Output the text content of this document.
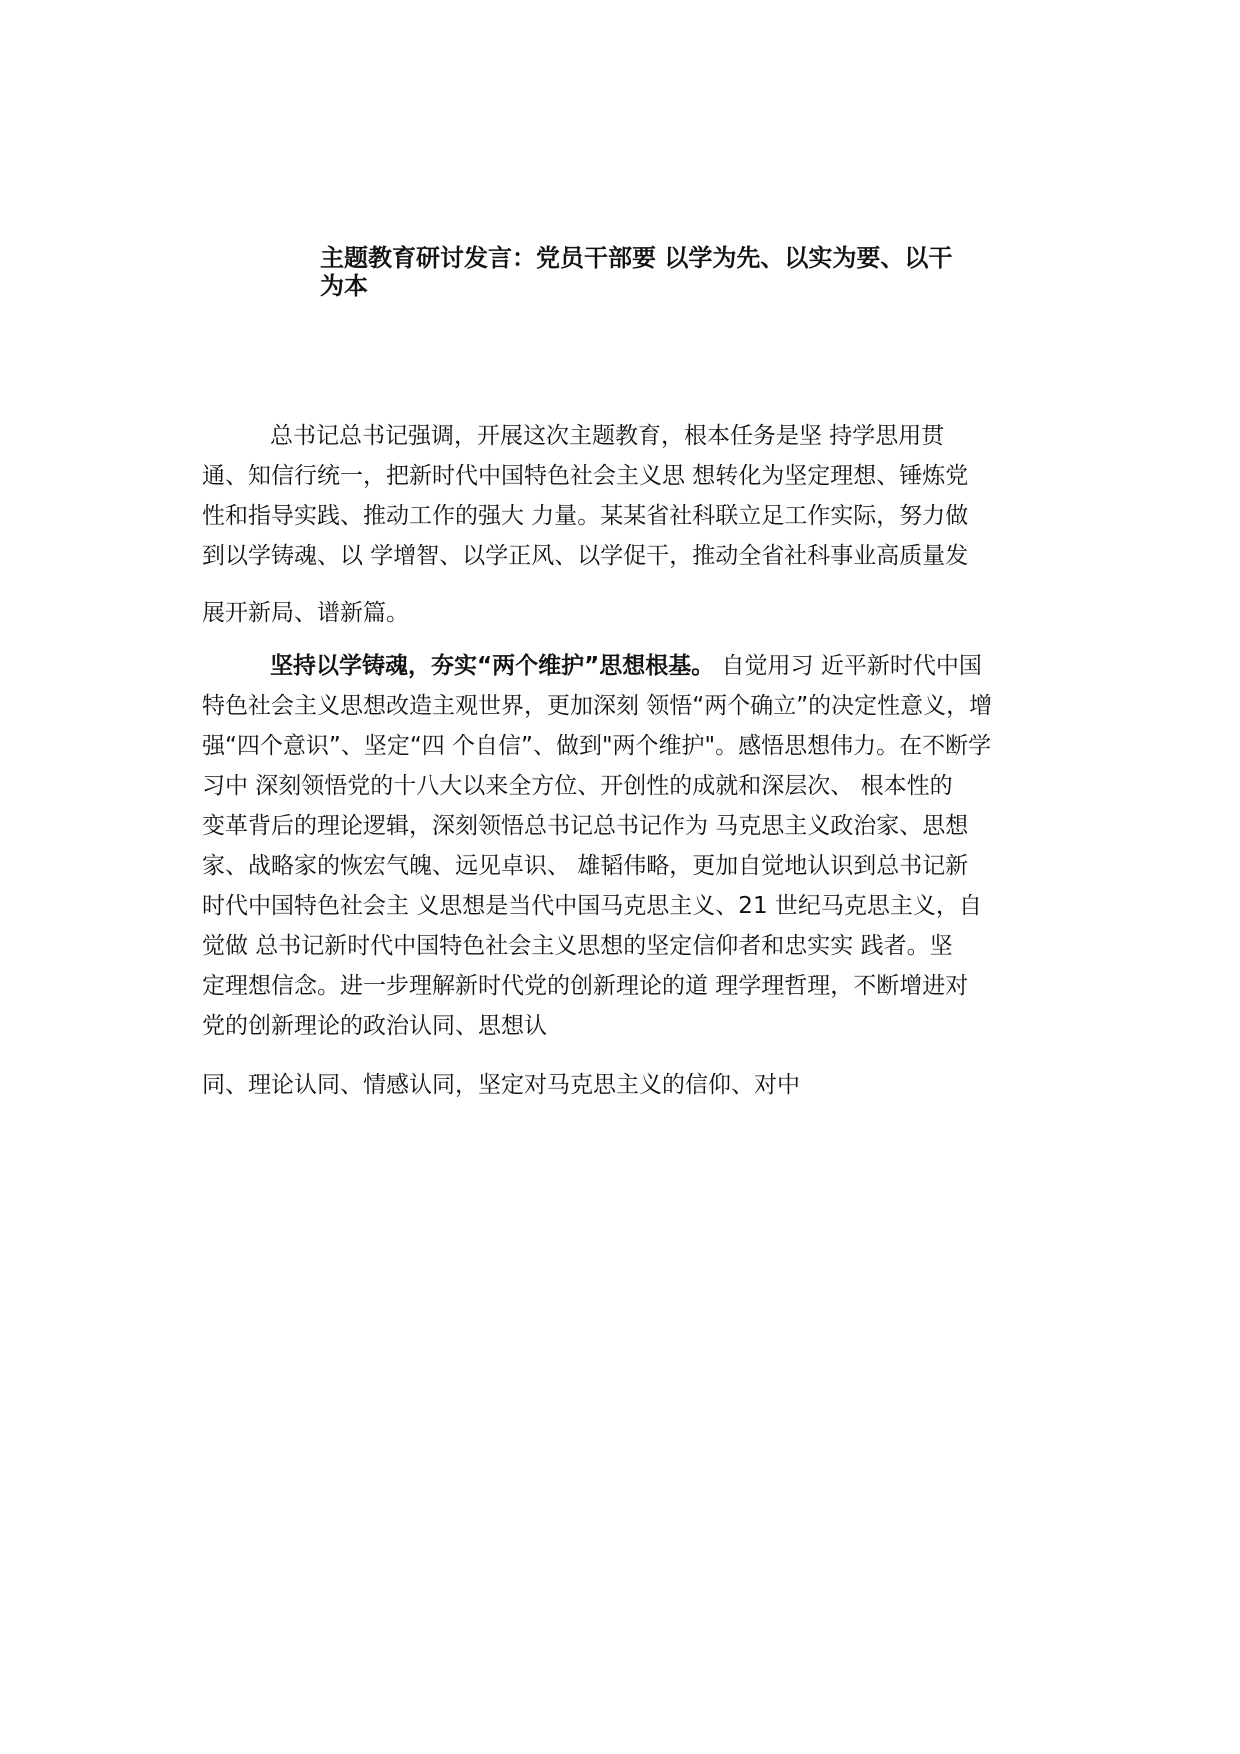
主题教育研讨发言：党员干部要 以学为先、以实为要、以干为本
总书记总书记强调，开展这次主题教育，根本任务是坚 持学思用贯
通、知信行统一，把新时代中国特色社会主义思 想转化为坚定理想、锤炼党
性和指导实践、推动工作的强大 力量。某某省社科联立足工作实际，努力做
到以学铸魂、以 学增智、以学正风、以学促干，推动全省社科事业高质量发
展开新局、谱新篇。
坚持以学铸魂，夯实“两个维护”思想根基。 自觉用习 近平新时代中国
特色社会主义思想改造主观世界，更加深刻 领悟“两个确立”的决定性意义，增
强“四个意识”、坚定“四 个自信”、做到"两个维护"。感悟思想伟力。在不断学
习中 深刻领悟党的十八大以来全方位、开创性的成就和深层次、 根本性的
变革背后的理论逻辑，深刻领悟总书记总书记作为 马克思主义政治家、思想
家、战略家的恢宏气魄、远见卓识、 雄韬伟略，更加自觉地认识到总书记新
时代中国特色社会主 义思想是当代中国马克思主义、21 世纪马克思主义，自
觉做 总书记新时代中国特色社会主义思想的坚定信仰者和忠实实 践者。坚
定理想信念。进一步理解新时代党的创新理论的道 理学理哲理，不断增进对
党的创新理论的政治认同、思想认
同、理论认同、情感认同，坚定对马克思主义的信仰、对中
